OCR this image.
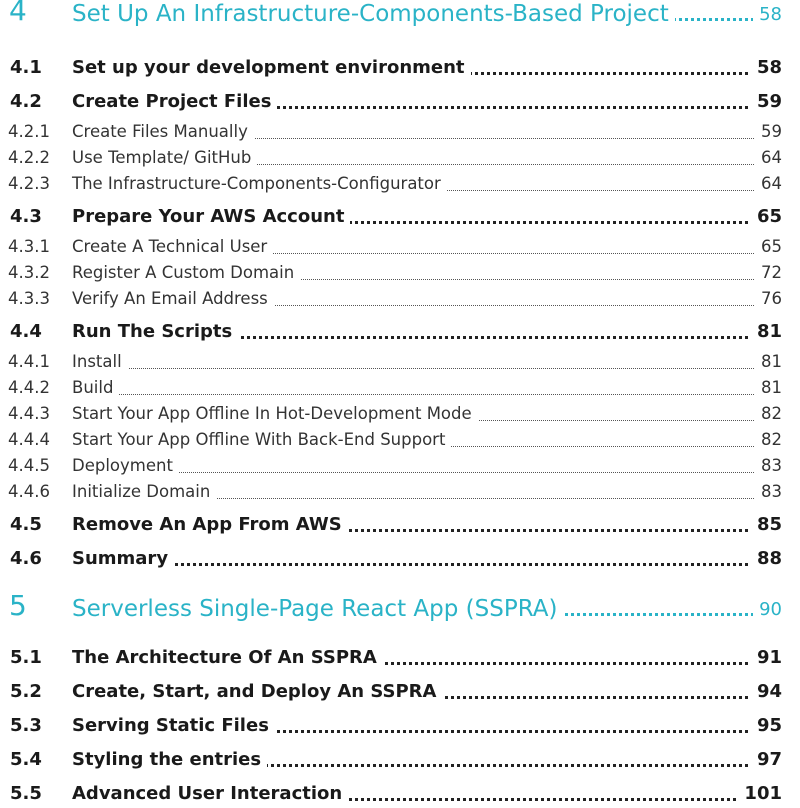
4 Set Up An Infrastructure-Components-Based Project	58
4.1 Set up your development environment	58
4.2 Create Project Files	59
4.2.1 Create Files Manually	59
4.2.2 Use Template/ GitHub	64
4.2.3 The Infrastructure-Components-Configurator	64
4.3 Prepare Your AWS Account	65
4.3.1 Create A Technical User	65
4.3.2 Register A Custom Domain	72
4.3.3 Verify An Email Address	76
4.4 Run The Scripts	81
4.4.1 Install	81
4.4.2 Build	81
4.4.3 Start Your App Offline In Hot-Development Mode	82
4.4.4 Start Your App Offline With Back-End Support	82
4.4.5 Deployment	83
4.4.6 Initialize Domain	83
4.5 Remove An App From AWS	85
4.6 Summary	88
5 Serverless Single-Page React App (SSPRA)	90
5.1 The Architecture Of An SSPRA	91
5.2 Create, Start, and Deploy An SSPRA	94
5.3 Serving Static Files	95
5.4 Styling the entries	97
5.5 Advanced User Interaction	101
